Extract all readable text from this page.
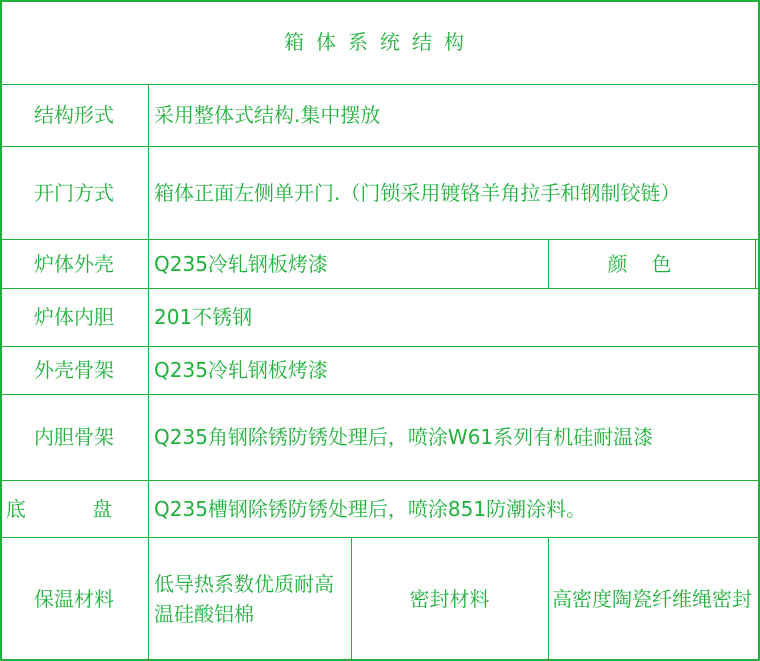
箱体系统结构
结构形式 采用整体式结构.集中摆放
开门方式 箱体正面左侧单开门.（门锁采用镀铬羊角拉手和钢制铰链）
炉体外壳 Q235冷轧钢板烤漆	颜色
炉体内胆 201不锈钢
外壳骨架 Q235冷轧钢板烤漆
内胆骨架 Q235角钢除锈防锈处理后，喷涂W61系列有机硅耐温漆
底 盘 Q235槽钢除锈防锈处理后，喷涂851防潮涂料。
保温材料
低导热系数优质耐高温硅酸铝棉
密封材料	高密度陶瓷纤维绳密封
